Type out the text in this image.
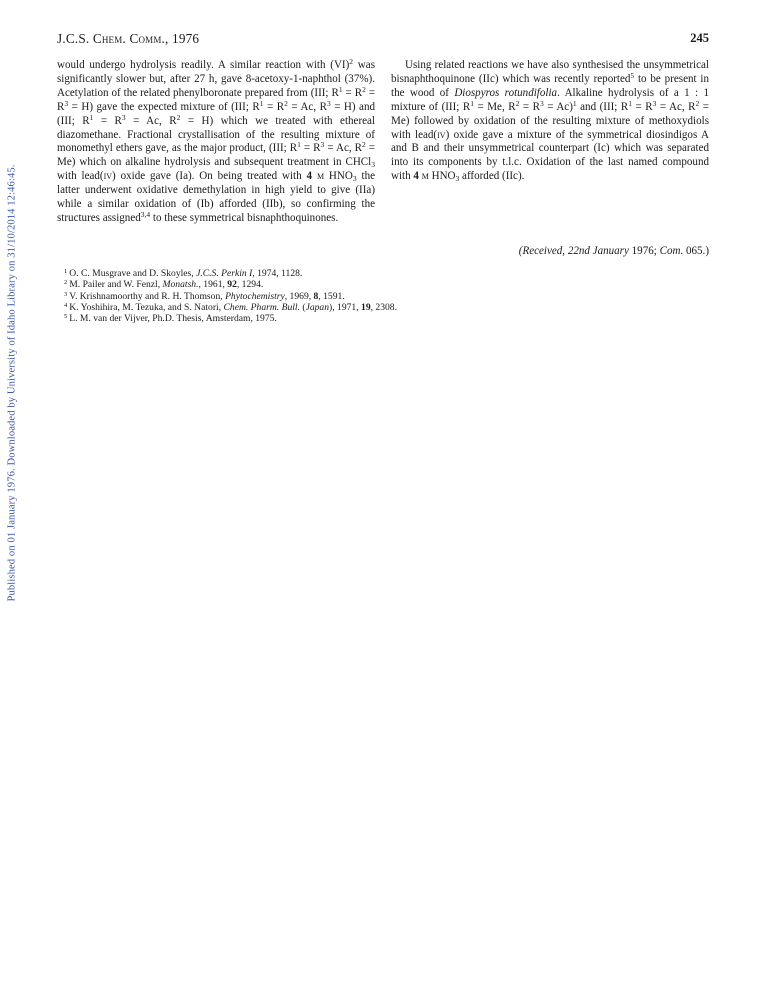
J.C.S. Chem. Comm., 1976	245
Published on 01 January 1976. Downloaded by University of Idaho Library on 31/10/2014 12:46:45.

would undergo hydrolysis readily. A similar reaction with (VI)$^2$ was significantly slower but, after 27 h, gave 8-acetoxy-1-naphthol (37%). Acetylation of the related phenylboronate prepared from (III; $R^1 = R^2 = R^3 = H$) gave the expected mixture of (III; $R^1 = R^2 = Ac$, $R^3 = H$) and (III; $R^1 = R^3 = Ac$, $R^2 = H$) which we treated with ethereal diazomethane. Fractional crystallisation of the resulting mixture of monomethyl ethers gave, as the major product, (III; $R^1 = R^3 = Ac$, $R^2 = Me$) which on alkaline hydrolysis and subsequent treatment in CHCl$_3$ with lead(iv) oxide gave (Ia). On being treated with 4 m $HNO_3$ the latter underwent oxidative demethylation in high yield to give (IIa) while a similar oxidation of (Ib) afforded (IIb), so confirming the structures assigned$^{3,4}$ to these symmetrical bisnaphthoquinones.

Using related reactions we have also synthesised the unsymmetrical bisnaphthoquinone (IIc) which was recently reported$^5$ to be present in the wood of Diospyros rotundifolia. Alkaline hydrolysis of a 1 : 1 mixture of (III; $R^1 = Me$, $R^2 = R^3 = Ac)^1$ and (III; $R^1 = R^3 = Ac$, $R^2 = Me$) followed by oxidation of the resulting mixture of methoxydiols with lead(iv) oxide gave a mixture of the symmetrical diosindigos A and B and their unsymmetrical counterpart (Ic) which was separated into its components by t.l.c. Oxidation of the last named compound with 4 m $HNO_3$ afforded (IIc).

(Received, 22nd January 1976; Com. 065.)
$^1$ O. C. Musgrave and D. Skoyles, J.C.S. Perkin I, 1974, 1128.
$^2$ M. Pailer and W. Fenzl, Monatsh., 1961, 92, 1294.
$^3$ V. Krishnamoorthy and R. H. Thomson, Phytochemistry, 1969, 8, 1591.
$^4$ K. Yoshihira, M. Tezuka, and S. Natori, Chem. Pharm. Bull. (Japan), 1971, 19, 2308.
$^5$ L. M. van der Vijver, Ph.D. Thesis, Amsterdam, 1975.
